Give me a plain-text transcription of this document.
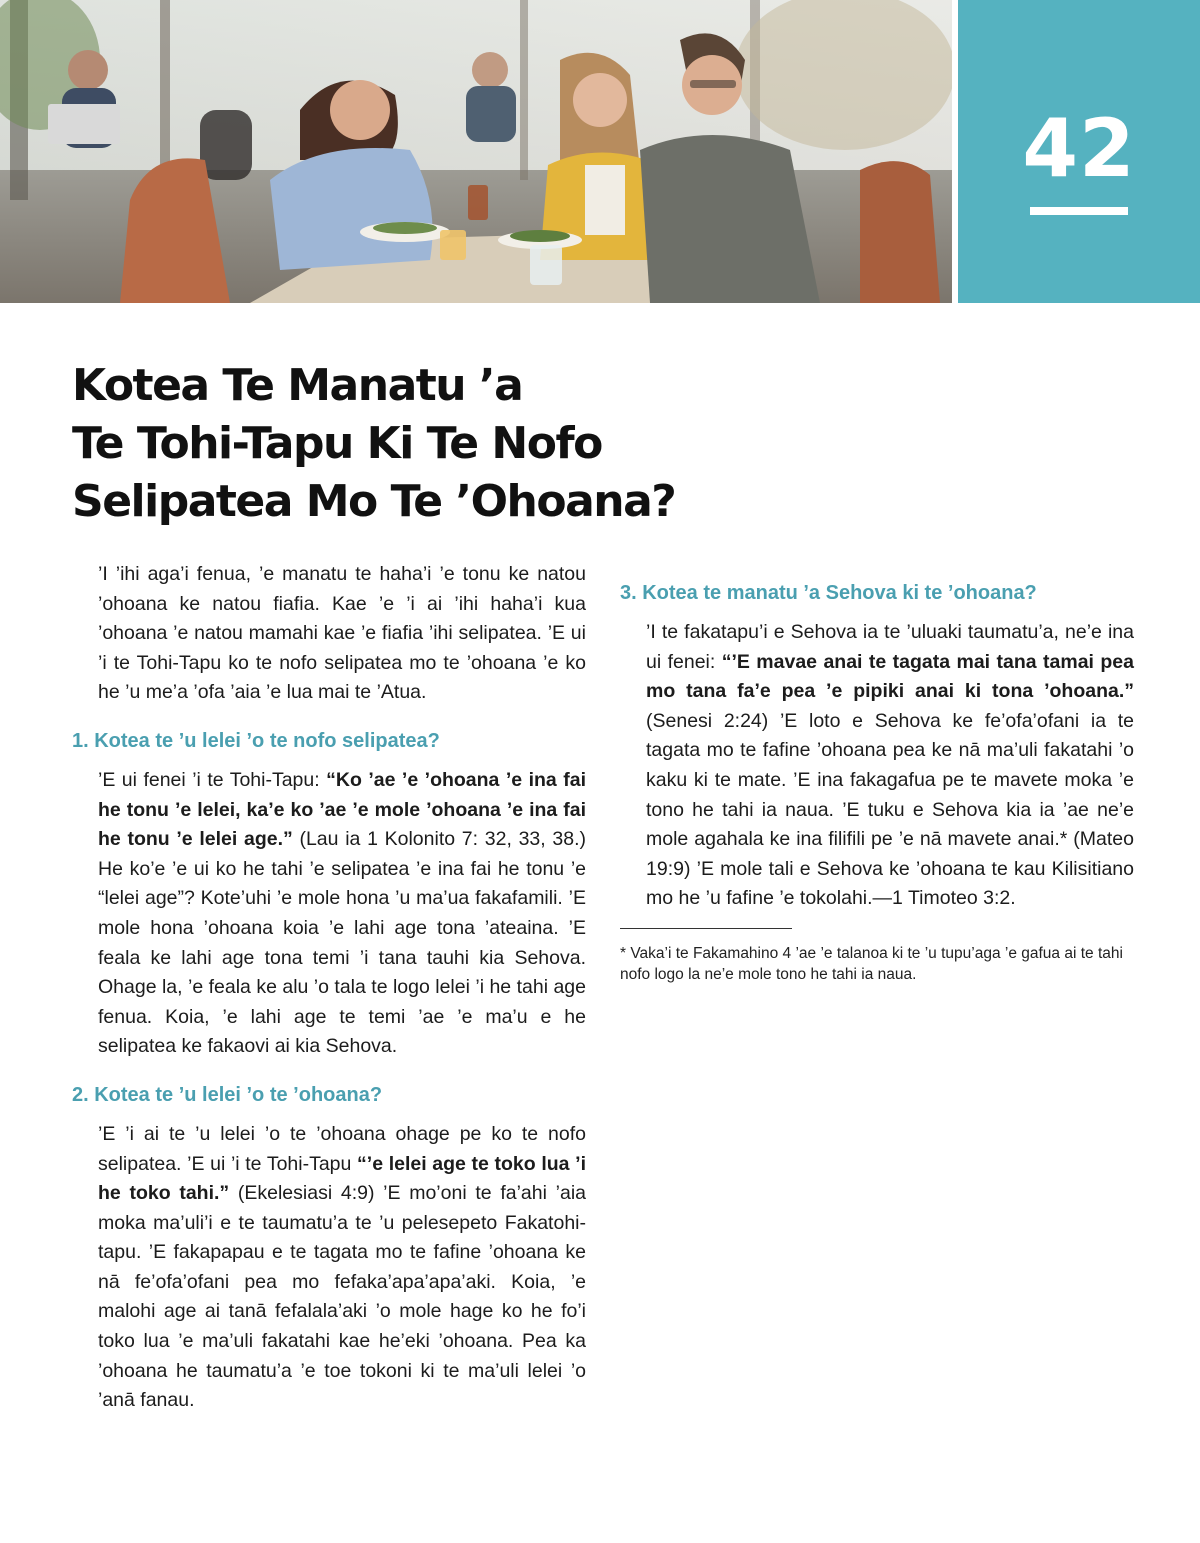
42
Kotea Te Manatu ’a
Te Tohi-Tapu Ki Te Nofo
Selipatea Mo Te ’Ohoana?

’I ’ihi aga’i fenua, ’e manatu te haha’i ’e tonu ke natou ’ohoana ke natou fiafia. Kae ’e ’i ai ’ihi haha’i kua ’ohoana ’e natou mamahi kae ’e fiafia ’ihi selipatea. ’E ui ’i te Tohi-Tapu ko te nofo selipatea mo te ’ohoana ’e ko he ’u me’a ’ofa ’aia ’e lua mai te ’Atua.

1. Kotea te ’u lelei ’o te nofo selipatea?

’E ui fenei ’i te Tohi-Tapu: “Ko ’ae ’e ’ohoana ’e ina fai he tonu ’e lelei, ka’e ko ’ae ’e mole ’ohoana ’e ina fai he tonu ’e lelei age.” (Lau ia 1 Kolonito 7: 32, 33, 38.) He ko’e ’e ui ko he tahi ’e selipatea ’e ina fai he tonu ’e “lelei age”? Kote’uhi ’e mole hona ’u ma’ua fakafamili. ’E mole hona ’ohoana koia ’e lahi age tona ’ateaina. ’E feala ke lahi age tona temi ’i tana tauhi kia Sehova. Ohage la, ’e feala ke alu ’o tala te logo lelei ’i he tahi age fenua. Koia, ’e lahi age te temi ’ae ’e ma’u e he selipatea ke fakaovi ai kia Sehova.

2. Kotea te ’u lelei ’o te ’ohoana?

’E ’i ai te ’u lelei ’o te ’ohoana ohage pe ko te nofo selipatea. ’E ui ’i te Tohi-Tapu “’e lelei age te toko lua ’i he toko tahi.” (Ekelesiasi 4:9) ’E mo’oni te fa’ahi ’aia moka ma’uli’i e te taumatu’a te ’u pelesepeto Fakatohi-tapu. ’E fakapapau e te tagata mo te fafine ’ohoana ke nā fe’ofa’ofani pea mo fefaka’apa’apa’aki. Koia, ’e malohi age ai tanā fefalala’aki ’o mole hage ko he fo’i toko lua ’e ma’uli fakatahi kae he’eki ’ohoana. Pea ka ’ohoana he taumatu’a ’e toe tokoni ki te ma’uli lelei ’o ’anā fanau.

3. Kotea te manatu ’a Sehova ki te ’ohoana?

’I te fakatapu’i e Sehova ia te ’uluaki taumatu’a, ne’e ina ui fenei: “’E mavae anai te tagata mai tana tamai pea mo tana fa’e pea ’e pipiki anai ki tona ’ohoana.” (Senesi 2:24) ’E loto e Sehova ke fe’ofa’ofani ia te tagata mo te fafine ’ohoana pea ke nā ma’uli fakatahi ’o kaku ki te mate. ’E ina fakagafua pe te mavete moka ’e tono he tahi ia naua. ’E tuku e Sehova kia ia ’ae ne’e mole agahala ke ina filifili pe ’e nā mavete anai.* (Mateo 19:9) ’E mole tali e Sehova ke ’ohoana te kau Kilisitiano mo he ’u fafine ’e tokolahi.—1 Timoteo 3:2.

* Vaka’i te Fakamahino 4 ’ae ’e talanoa ki te ’u tupu’aga ’e gafua ai te tahi nofo logo la ne’e mole tono he tahi ia naua.
